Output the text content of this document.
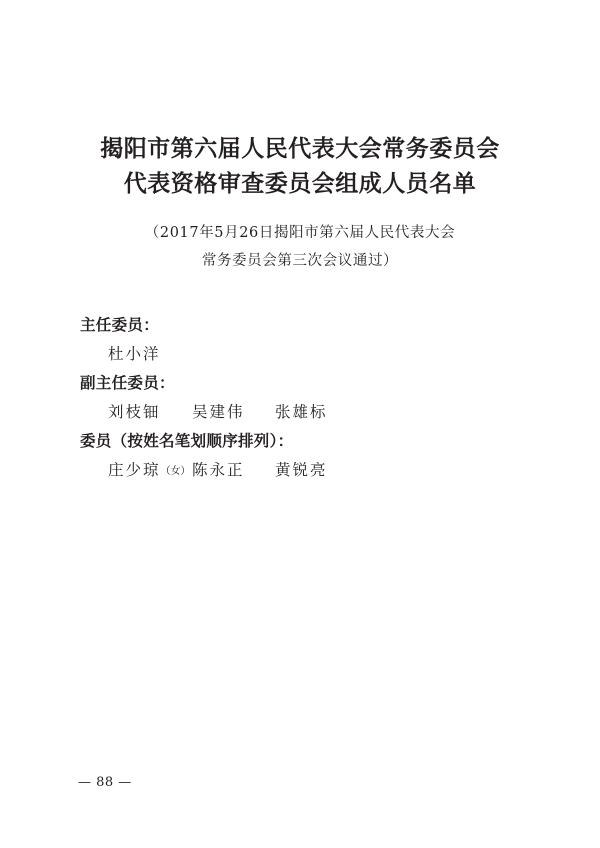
揭阳市第六届人民代表大会常务委员会
代表资格审查委员会组成人员名单

（2017年5月26日揭阳市第六届人民代表大会

常务委员会第三次会议通过）

主任委员：
杜小洋
副主任委员：
刘枝钿 吴建伟 张雄标
委员（按姓名笔划顺序排列）：
庄少琼（女） 陈永正 黄锐亮
— 88 —
